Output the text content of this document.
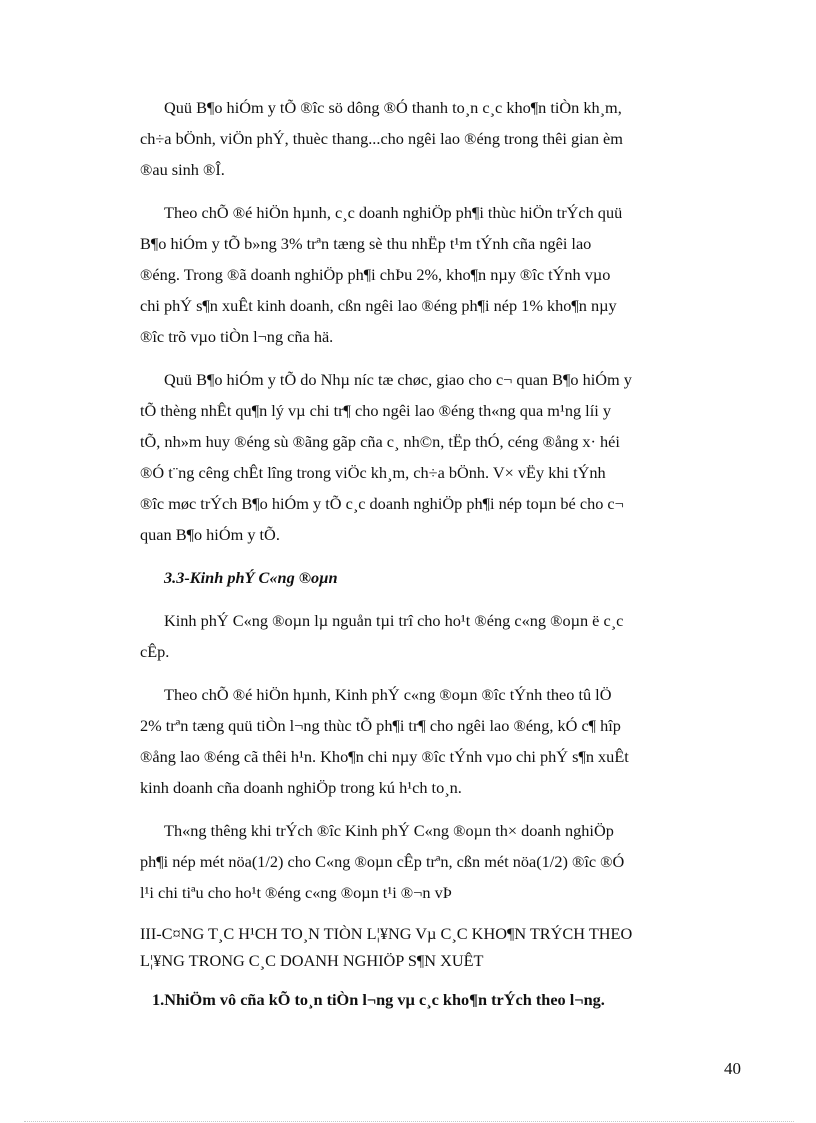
Quü B¶o hiÓm y tÕ ®îc sö dông ®Ó thanh to¸n c¸c kho¶n tiÒn kh¸m,
ch÷a bÖnh, viÖn phÝ, thuèc thang...cho ngêi lao ®éng trong thêi gian èm
®au sinh ®Î.

Theo chÕ ®é hiÖn hµnh, c¸c doanh nghiÖp ph¶i thùc hiÖn trÝch quü
B¶o hiÓm y tÕ b»ng 3% trªn tæng sè thu nhËp t¹m tÝnh cña ngêi lao
®éng. Trong ®ã doanh nghiÖp ph¶i chÞu 2%, kho¶n nµy ®îc tÝnh vµo
chi phÝ s¶n xuÊt kinh doanh, cßn ngêi lao ®éng ph¶i nép 1% kho¶n nµy
®îc trõ vµo tiÒn l¬ng cña hä.

Quü B¶o hiÓm y tÕ do Nhµ níc tæ chøc, giao cho c¬ quan B¶o hiÓm y
tÕ thèng nhÊt qu¶n lý vµ chi tr¶ cho ngêi lao ®éng th«ng qua m¹ng líi y
tÕ, nh»m huy ®éng sù ®ãng gãp cña c¸ nh©n, tËp thÓ, céng ®ång x· héi
®Ó t¨ng cêng chÊt lîng trong viÖc kh¸m, ch÷a bÖnh. V× vËy khi tÝnh
®îc møc trÝch B¶o hiÓm y tÕ c¸c doanh nghiÖp ph¶i nép toµn bé cho c¬
quan B¶o hiÓm y tÕ.

3.3-Kinh phÝ C«ng ®oµn

Kinh phÝ C«ng ®oµn lµ nguån tµi trî cho ho¹t ®éng c«ng ®oµn ë c¸c
cÊp.

Theo chÕ ®é hiÖn hµnh, Kinh phÝ c«ng ®oµn ®îc tÝnh theo tû lÖ
2% trªn tæng quü tiÒn l¬ng thùc tÕ ph¶i tr¶ cho ngêi lao ®éng, kÓ c¶ hîp
®ång lao ®éng cã thêi h¹n. Kho¶n chi nµy ®îc tÝnh vµo chi phÝ s¶n xuÊt
kinh doanh cña doanh nghiÖp trong kú h¹ch to¸n.

Th«ng thêng khi trÝch ®îc Kinh phÝ C«ng ®oµn th× doanh nghiÖp
ph¶i nép mét nöa(1/2) cho C«ng ®oµn cÊp trªn, cßn mét nöa(1/2) ®îc ®Ó
l¹i chi tiªu cho ho¹t ®éng c«ng ®oµn t¹i ®¬n vÞ

III-C¤NG T¸C H¹CH TO¸N TIÒN L¦¥NG Vµ C¸C KHO¶N TRÝCH THEO
L¦¥NG TRONG C¸C DOANH NGHIÖP S¶N XUÊT

1.NhiÖm vô cña kÕ to¸n tiÒn l¬ng vµ c¸c kho¶n trÝch theo l¬ng.

40
